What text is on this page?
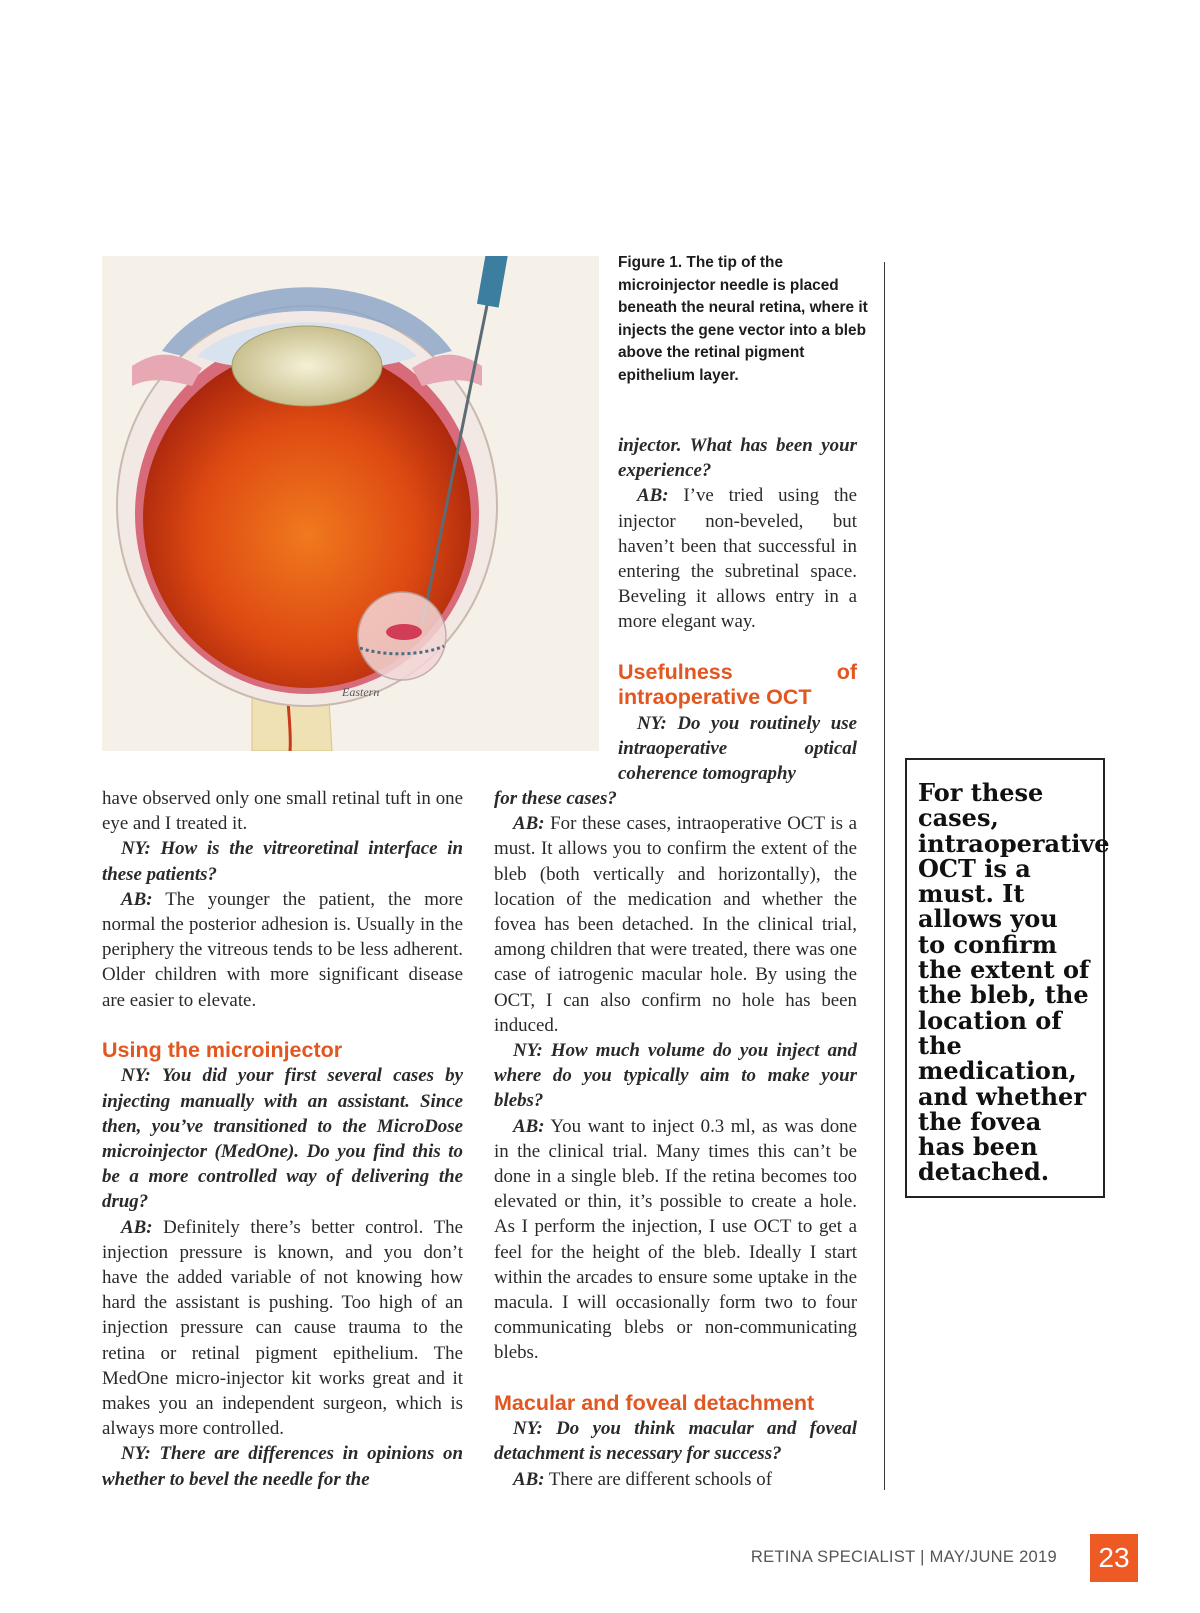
Eastern
Figure 1. The tip of the microinjector needle is placed beneath the neural retina, where it injects the gene vector into a bleb above the retinal pigment epithelium layer.

have observed only one small retinal tuft in one eye and I treated it.

NY: How is the vitreoretinal interface in these patients?

AB: The younger the patient, the more normal the posterior adhesion is. Usually in the periphery the vitreous tends to be less adherent. Older children with more significant disease are easier to elevate.

Using the microinjector

NY: You did your first several cases by injecting manually with an assistant. Since then, you’ve transitioned to the MicroDose microinjector (MedOne). Do you find this to be a more controlled way of delivering the drug?

AB: Definitely there’s better control. The injection pressure is known, and you don’t have the added variable of not knowing how hard the assistant is pushing. Too high of an injection pressure can cause trauma to the retina or retinal pigment epithelium. The MedOne micro-injector kit works great and it makes you an independent surgeon, which is always more controlled.

NY: There are differences in opinions on whether to bevel the needle for the

injector. What has been your experience?

AB: I’ve tried using the injector non-beveled, but haven’t been that successful in entering the subretinal space. Beveling it allows entry in a more elegant way.

Usefulness of intraoperative OCT

NY: Do you routinely use intraoperative optical coherence tomography

for these cases?

AB: For these cases, intraoperative OCT is a must. It allows you to confirm the extent of the bleb (both vertically and horizontally), the location of the medication and whether the fovea has been detached. In the clinical trial, among children that were treated, there was one case of iatrogenic macular hole. By using the OCT, I can also confirm no hole has been induced.

NY: How much volume do you inject and where do you typically aim to make your blebs?

AB: You want to inject 0.3 ml, as was done in the clinical trial. Many times this can’t be done in a single bleb. If the retina becomes too elevated or thin, it’s possible to create a hole. As I perform the injection, I use OCT to get a feel for the height of the bleb. Ideally I start within the arcades to ensure some uptake in the macula. I will occasionally form two to four communicating blebs or non-communicating blebs.

Macular and foveal detachment

NY: Do you think macular and foveal detachment is necessary for success?

AB: There are different schools of

For these cases, intraoperative OCT is a must. It allows you to confirm the extent of the bleb, the location of the medication, and whether the fovea has been detached.
RETINA SPECIALIST | MAY/JUNE 2019	23
